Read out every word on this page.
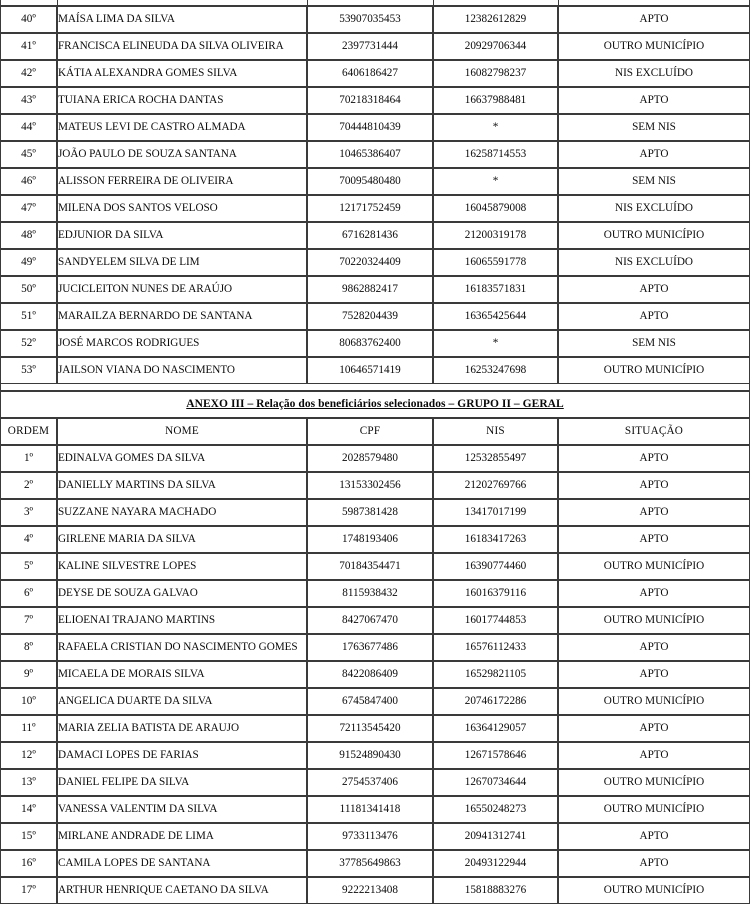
40º	MAÍSA LIMA DA SILVA	53907035453	12382612829	APTO
41º	FRANCISCA ELINEUDA DA SILVA OLIVEIRA	2397731444	20929706344	OUTRO MUNICÍPIO
42º	KÁTIA ALEXANDRA GOMES SILVA	6406186427	16082798237	NIS EXCLUÍDO
43º	TUIANA ERICA ROCHA DANTAS	70218318464	16637988481	APTO
44º	MATEUS LEVI DE CASTRO ALMADA	70444810439	*	SEM NIS
45º	JOÃO PAULO DE SOUZA SANTANA	10465386407	16258714553	APTO
46º	ALISSON FERREIRA DE OLIVEIRA	70095480480	*	SEM NIS
47º	MILENA DOS SANTOS VELOSO	12171752459	16045879008	NIS EXCLUÍDO
48º	EDJUNIOR DA SILVA	6716281436	21200319178	OUTRO MUNICÍPIO
49º	SANDYELEM SILVA DE LIM	70220324409	16065591778	NIS EXCLUÍDO
50º	JUCICLEITON NUNES DE ARAÚJO	9862882417	16183571831	APTO
51º	MARAILZA BERNARDO DE SANTANA	7528204439	16365425644	APTO
52º	JOSÉ MARCOS RODRIGUES	80683762400	*	SEM NIS
53º	JAILSON VIANA DO NASCIMENTO	10646571419	16253247698	OUTRO MUNICÍPIO
ANEXO III – Relação dos beneficiários selecionados – GRUPO II – GERAL				
ORDEM	NOME	CPF	NIS	SITUAÇÃO
1º	EDINALVA GOMES DA SILVA	2028579480	12532855497	APTO
2º	DANIELLY MARTINS DA SILVA	13153302456	21202769766	APTO
3º	SUZZANE NAYARA MACHADO	5987381428	13417017199	APTO
4º	GIRLENE MARIA DA SILVA	1748193406	16183417263	APTO
5º	KALINE SILVESTRE LOPES	70184354471	16390774460	OUTRO MUNICÍPIO
6º	DEYSE DE SOUZA GALVAO	8115938432	16016379116	APTO
7º	ELIOENAI TRAJANO MARTINS	8427067470	16017744853	OUTRO MUNICÍPIO
8º	RAFAELA CRISTIAN DO NASCIMENTO GOMES	1763677486	16576112433	APTO
9º	MICAELA DE MORAIS SILVA	8422086409	16529821105	APTO
10º	ANGELICA DUARTE DA SILVA	6745847400	20746172286	OUTRO MUNICÍPIO
11º	MARIA ZELIA BATISTA DE ARAUJO	72113545420	16364129057	APTO
12º	DAMACI LOPES DE FARIAS	91524890430	12671578646	APTO
13º	DANIEL FELIPE DA SILVA	2754537406	12670734644	OUTRO MUNICÍPIO
14º	VANESSA VALENTIM DA SILVA	11181341418	16550248273	OUTRO MUNICÍPIO
15º	MIRLANE ANDRADE DE LIMA	9733113476	20941312741	APTO
16º	CAMILA LOPES DE SANTANA	37785649863	20493122944	APTO
17º	ARTHUR HENRIQUE CAETANO DA SILVA	9222213408	15818883276	OUTRO MUNICÍPIO
